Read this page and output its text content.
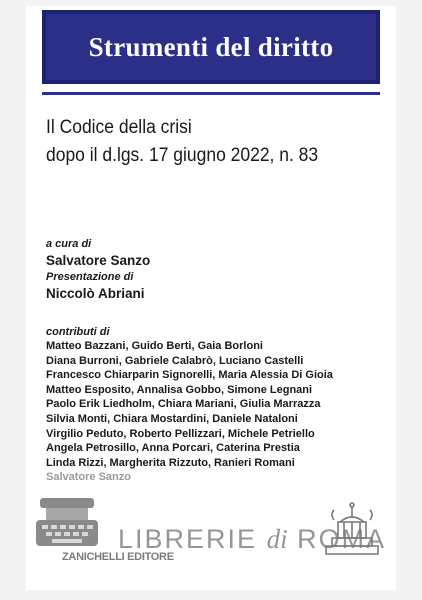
Strumenti del diritto
Il Codice della crisi
dopo il d.lgs. 17 giugno 2022, n. 83
a cura di
Salvatore Sanzo
Presentazione di
Niccolò Abriani
contributi di
Matteo Bazzani, Guido Berti, Gaia Borloni
Diana Burroni, Gabriele Calabrò, Luciano Castelli
Francesco Chiarparin Signorelli, Maria Alessia Di Gioia
Matteo Esposito, Annalisa Gobbo, Simone Legnani
Paolo Erik Liedholm, Chiara Mariani, Giulia Marrazza
Silvia Monti, Chiara Mostardini, Daniele Nataloni
Virgilio Peduto, Roberto Pellizzari, Michele Petriello
Angela Petrosillo, Anna Porcari, Caterina Prestia
Linda Rizzi, Margherita Rizzuto, Ranieri Romani
Salvatore Sanzo
ZANICHELLI EDITORE
LIBRERIE di ROMA
